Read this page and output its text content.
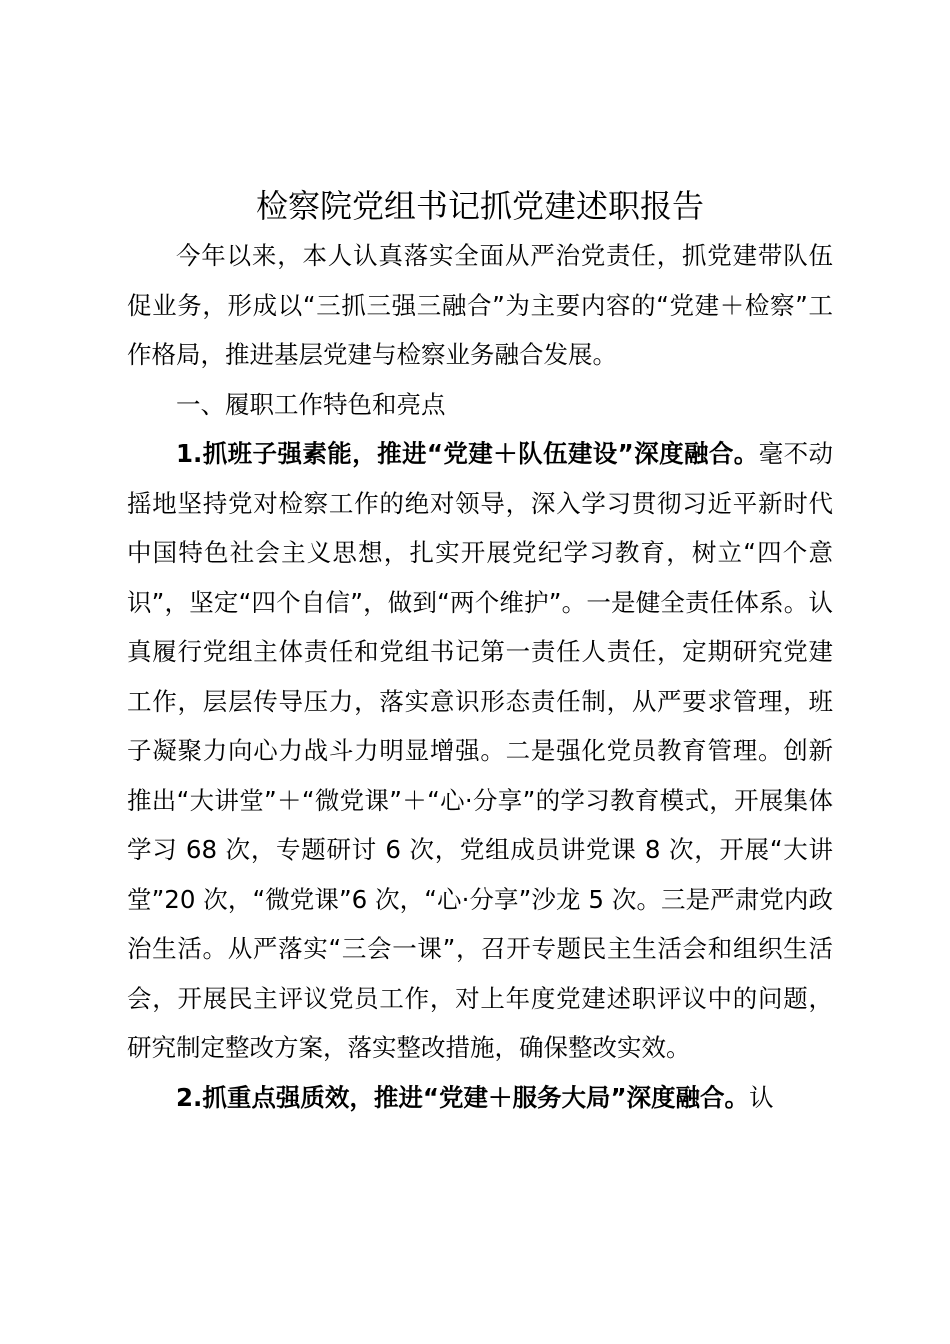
检察院党组书记抓党建述职报告

今年以来，本人认真落实全面从严治党责任，抓党建带队伍促业务，形成以“三抓三强三融合”为主要内容的“党建＋检察”工作格局，推进基层党建与检察业务融合发展。

一、履职工作特色和亮点

1.抓班子强素能，推进“党建＋队伍建设”深度融合。毫不动摇地坚持党对检察工作的绝对领导，深入学习贯彻习近平新时代中国特色社会主义思想，扎实开展党纪学习教育，树立“四个意识”，坚定“四个自信”，做到“两个维护”。一是健全责任体系。认真履行党组主体责任和党组书记第一责任人责任，定期研究党建工作，层层传导压力，落实意识形态责任制，从严要求管理，班子凝聚力向心力战斗力明显增强。二是强化党员教育管理。创新推出“大讲堂”＋“微党课”＋“心·分享”的学习教育模式，开展集体学习 68 次，专题研讨 6 次，党组成员讲党课 8 次，开展“大讲堂”20 次，“微党课”6 次，“心·分享”沙龙 5 次。三是严肃党内政治生活。从严落实“三会一课”，召开专题民主生活会和组织生活会，开展民主评议党员工作，对上年度党建述职评议中的问题，研究制定整改方案，落实整改措施，确保整改实效。

2.抓重点强质效，推进“党建＋服务大局”深度融合。认
